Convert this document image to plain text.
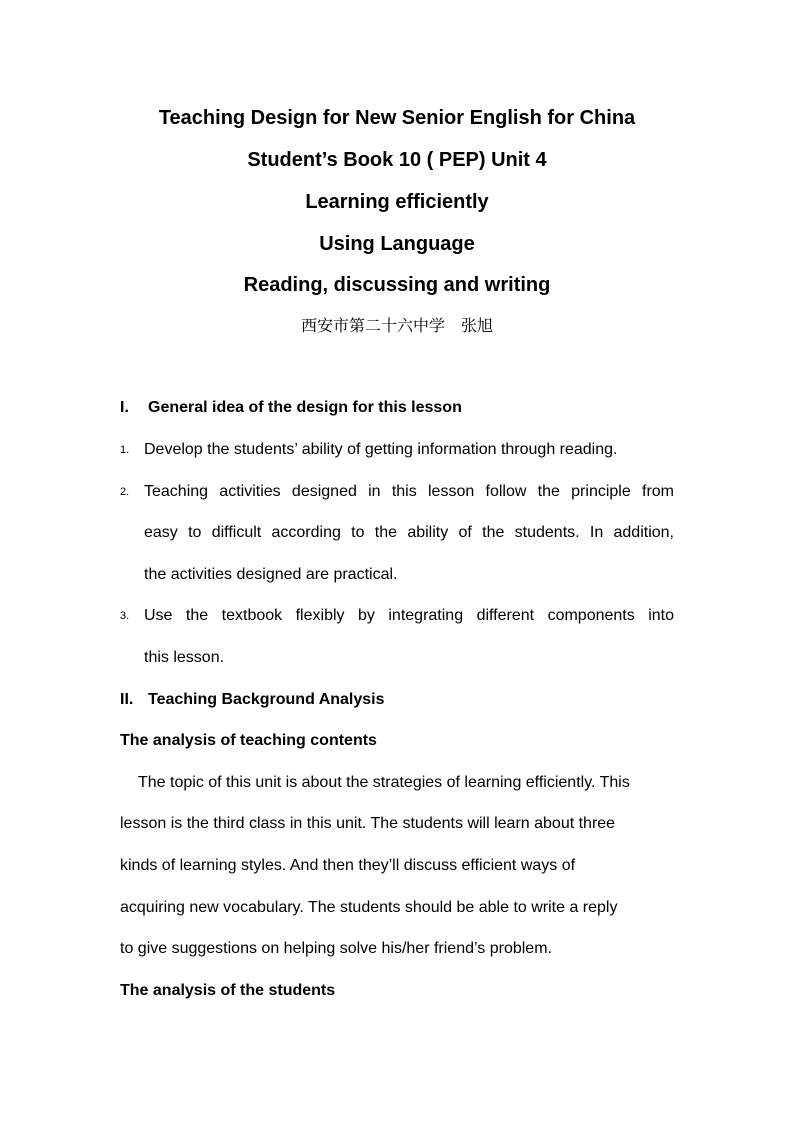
Teaching Design for New Senior English for China
Student’s Book 10 ( PEP) Unit 4
Learning efficiently
Using Language
Reading, discussing and writing
西安市第二十六中学　张旭
I. General idea of the design for this lesson
1. Develop the students’ ability of getting information through reading.
2. Teaching activities designed in this lesson follow the principle from
easy to difficult according to the ability of the students. In addition,
the activities designed are practical.
3. Use the textbook flexibly by integrating different components into
this lesson.
II. Teaching Background Analysis
The analysis of teaching contents
The topic of this unit is about the strategies of learning efficiently. This
lesson is the third class in this unit. The students will learn about three
kinds of learning styles. And then they’ll discuss efficient ways of
acquiring new vocabulary. The students should be able to write a reply
to give suggestions on helping solve his/her friend’s problem.
The analysis of the students
